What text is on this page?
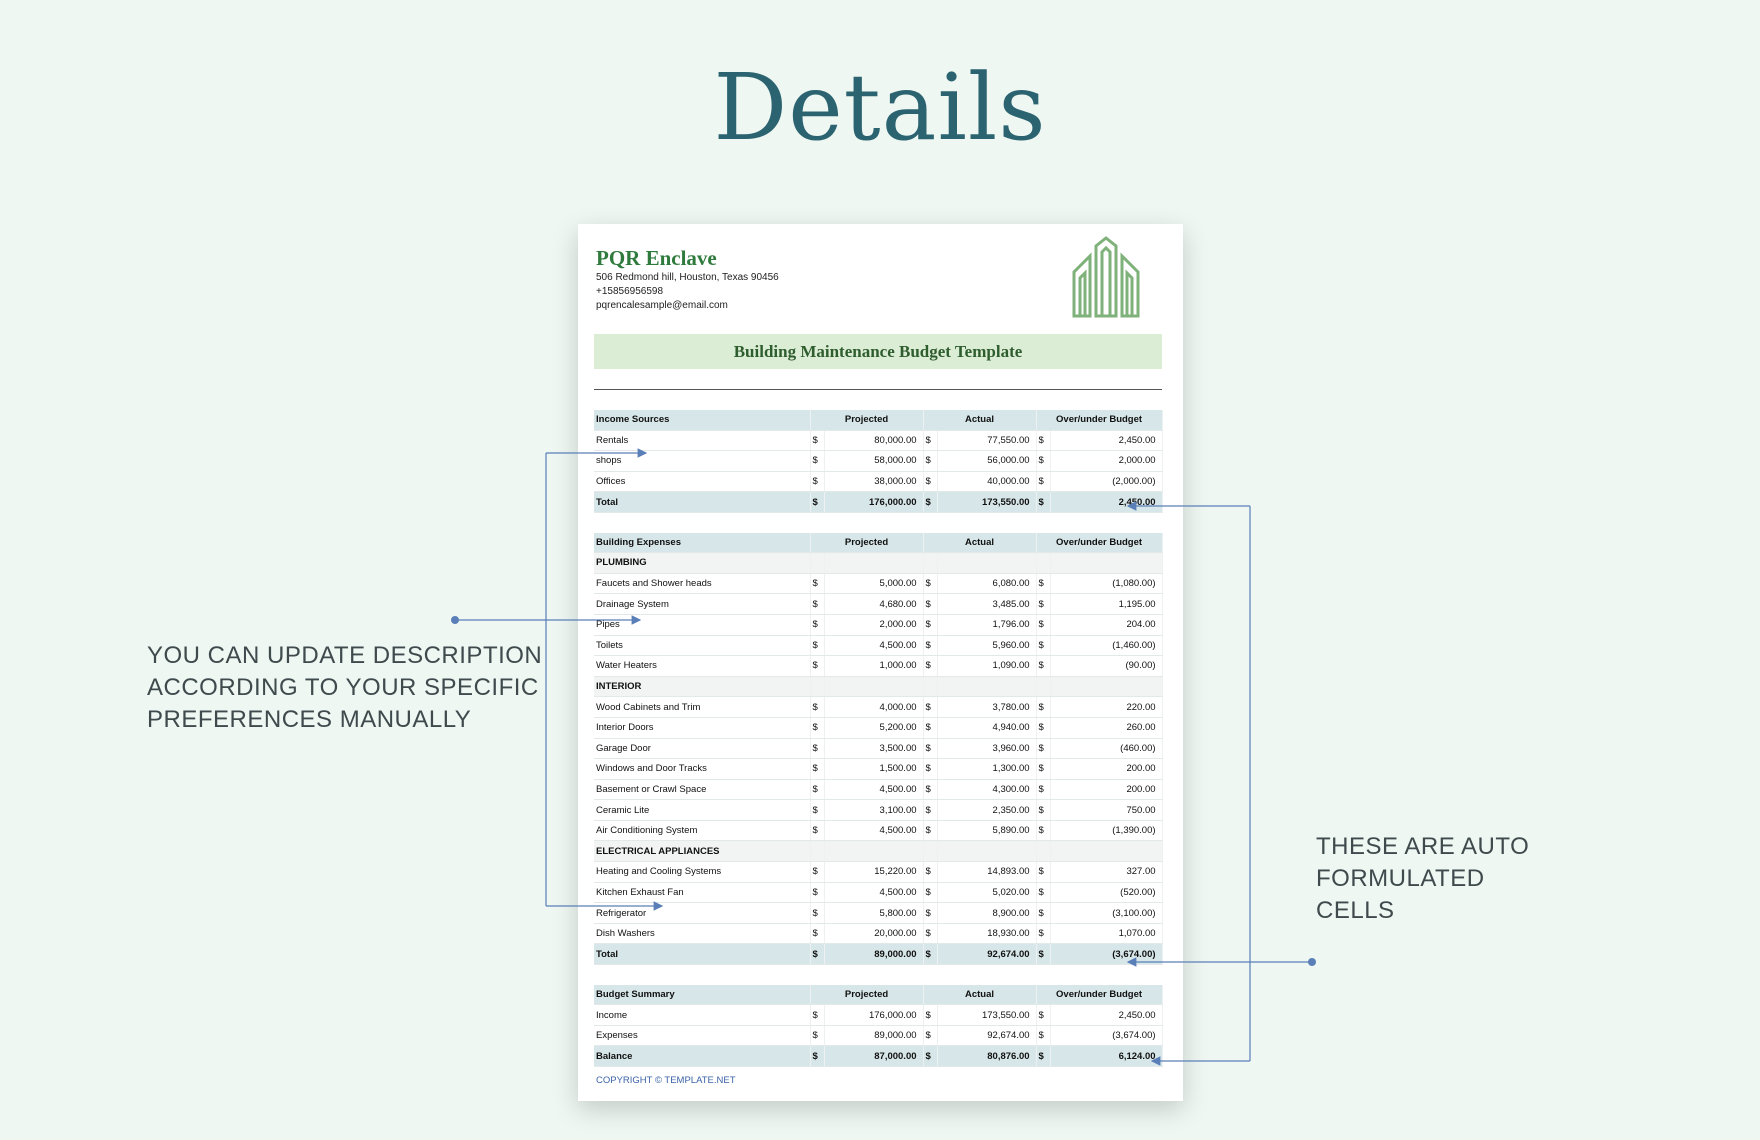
Details
YOU CAN UPDATE DESCRIPTION
ACCORDING TO YOUR SPECIFIC
PREFERENCES MANUALLY
THESE ARE AUTO
FORMULATED
CELLS
PQR Enclave
506 Redmond hill, Houston, Texas 90456
+15856956598
pqrencalesample@email.com
Building Maintenance Budget Template
Income Sources	Projected		Actual		Over/under Budget	
Rentals	$	80,000.00	$	77,550.00	$	2,450.00
shops	$	58,000.00	$	56,000.00	$	2,000.00
Offices	$	38,000.00	$	40,000.00	$	(2,000.00)
Total	$	176,000.00	$	173,550.00	$	2,450.00

Building Expenses	Projected		Actual		Over/under Budget	
PLUMBING						
Faucets and Shower heads	$	5,000.00	$	6,080.00	$	(1,080.00)
Drainage System	$	4,680.00	$	3,485.00	$	1,195.00
Pipes	$	2,000.00	$	1,796.00	$	204.00
Toilets	$	4,500.00	$	5,960.00	$	(1,460.00)
Water Heaters	$	1,000.00	$	1,090.00	$	(90.00)
INTERIOR						
Wood Cabinets and Trim	$	4,000.00	$	3,780.00	$	220.00
Interior Doors	$	5,200.00	$	4,940.00	$	260.00
Garage Door	$	3,500.00	$	3,960.00	$	(460.00)
Windows and Door Tracks	$	1,500.00	$	1,300.00	$	200.00
Basement or Crawl Space	$	4,500.00	$	4,300.00	$	200.00
Ceramic Lite	$	3,100.00	$	2,350.00	$	750.00
Air Conditioning System	$	4,500.00	$	5,890.00	$	(1,390.00)
ELECTRICAL APPLIANCES						
Heating and Cooling Systems	$	15,220.00	$	14,893.00	$	327.00
Kitchen Exhaust Fan	$	4,500.00	$	5,020.00	$	(520.00)
Refrigerator	$	5,800.00	$	8,900.00	$	(3,100.00)
Dish Washers	$	20,000.00	$	18,930.00	$	1,070.00
Total	$	89,000.00	$	92,674.00	$	(3,674.00)

Budget Summary	Projected		Actual		Over/under Budget	
Income	$	176,000.00	$	173,550.00	$	2,450.00
Expenses	$	89,000.00	$	92,674.00	$	(3,674.00)
Balance	$	87,000.00	$	80,876.00	$	6,124.00
COPYRIGHT © TEMPLATE.NET
